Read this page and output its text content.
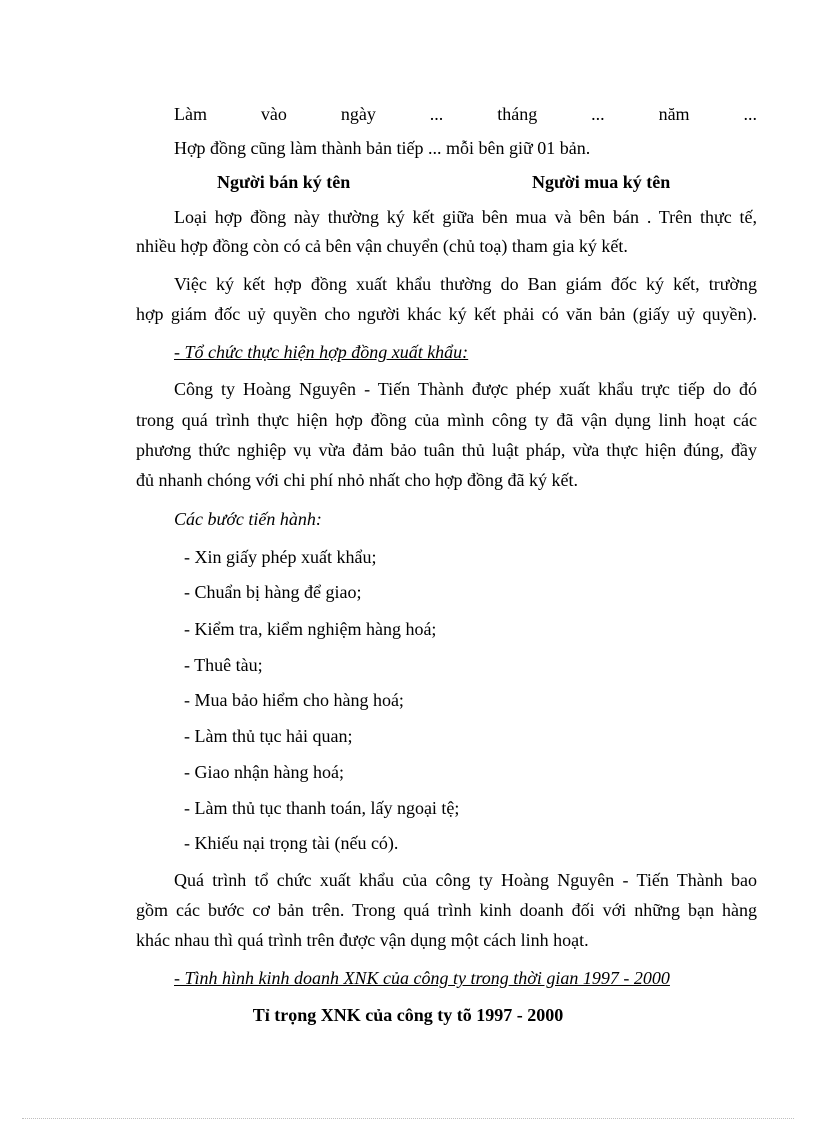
Làm vào ngày ... tháng ... năm ...
Hợp đồng cũng làm thành bản tiếp ... mỗi bên giữ 01 bản.
Người bán ký tên	Người mua ký tên
Loại hợp đồng này thường ký kết giữa bên mua và bên bán . Trên thực tế,
nhiều hợp đồng còn có cả bên vận chuyển (chủ toạ) tham gia ký kết.
Việc ký kết hợp đồng xuất khẩu thường do Ban giám đốc ký kết, trường
hợp giám đốc uỷ quyền cho người khác ký kết phải có văn bản (giấy uỷ quyền).
- Tổ chức thực hiện hợp đồng xuất khẩu:
Công ty Hoàng Nguyên - Tiến Thành được phép xuất khẩu trực tiếp do đó
trong quá trình thực hiện hợp đồng của mình công ty đã vận dụng linh hoạt các
phương thức nghiệp vụ vừa đảm bảo tuân thủ luật pháp, vừa thực hiện đúng, đầy
đủ nhanh chóng với chi phí nhỏ nhất cho hợp đồng đã ký kết.
Các bước tiến hành:
- Xin giấy phép xuất khẩu;
- Chuẩn bị hàng để giao;
- Kiểm tra, kiểm nghiệm hàng hoá;
- Thuê tàu;
- Mua bảo hiểm cho hàng hoá;
- Làm thủ tục hải quan;
- Giao nhận hàng hoá;
- Làm thủ tục thanh toán, lấy ngoại tệ;
- Khiếu nại trọng tài (nếu có).
Quá trình tổ chức xuất khẩu của công ty Hoàng Nguyên - Tiến Thành bao
gồm các bước cơ bản trên. Trong quá trình kinh doanh đối với những bạn hàng
khác nhau thì quá trình trên được vận dụng một cách linh hoạt.
- Tình hình kinh doanh XNK của công ty trong thời gian 1997 - 2000
Tỉ trọng XNK của công ty tõ 1997 - 2000
